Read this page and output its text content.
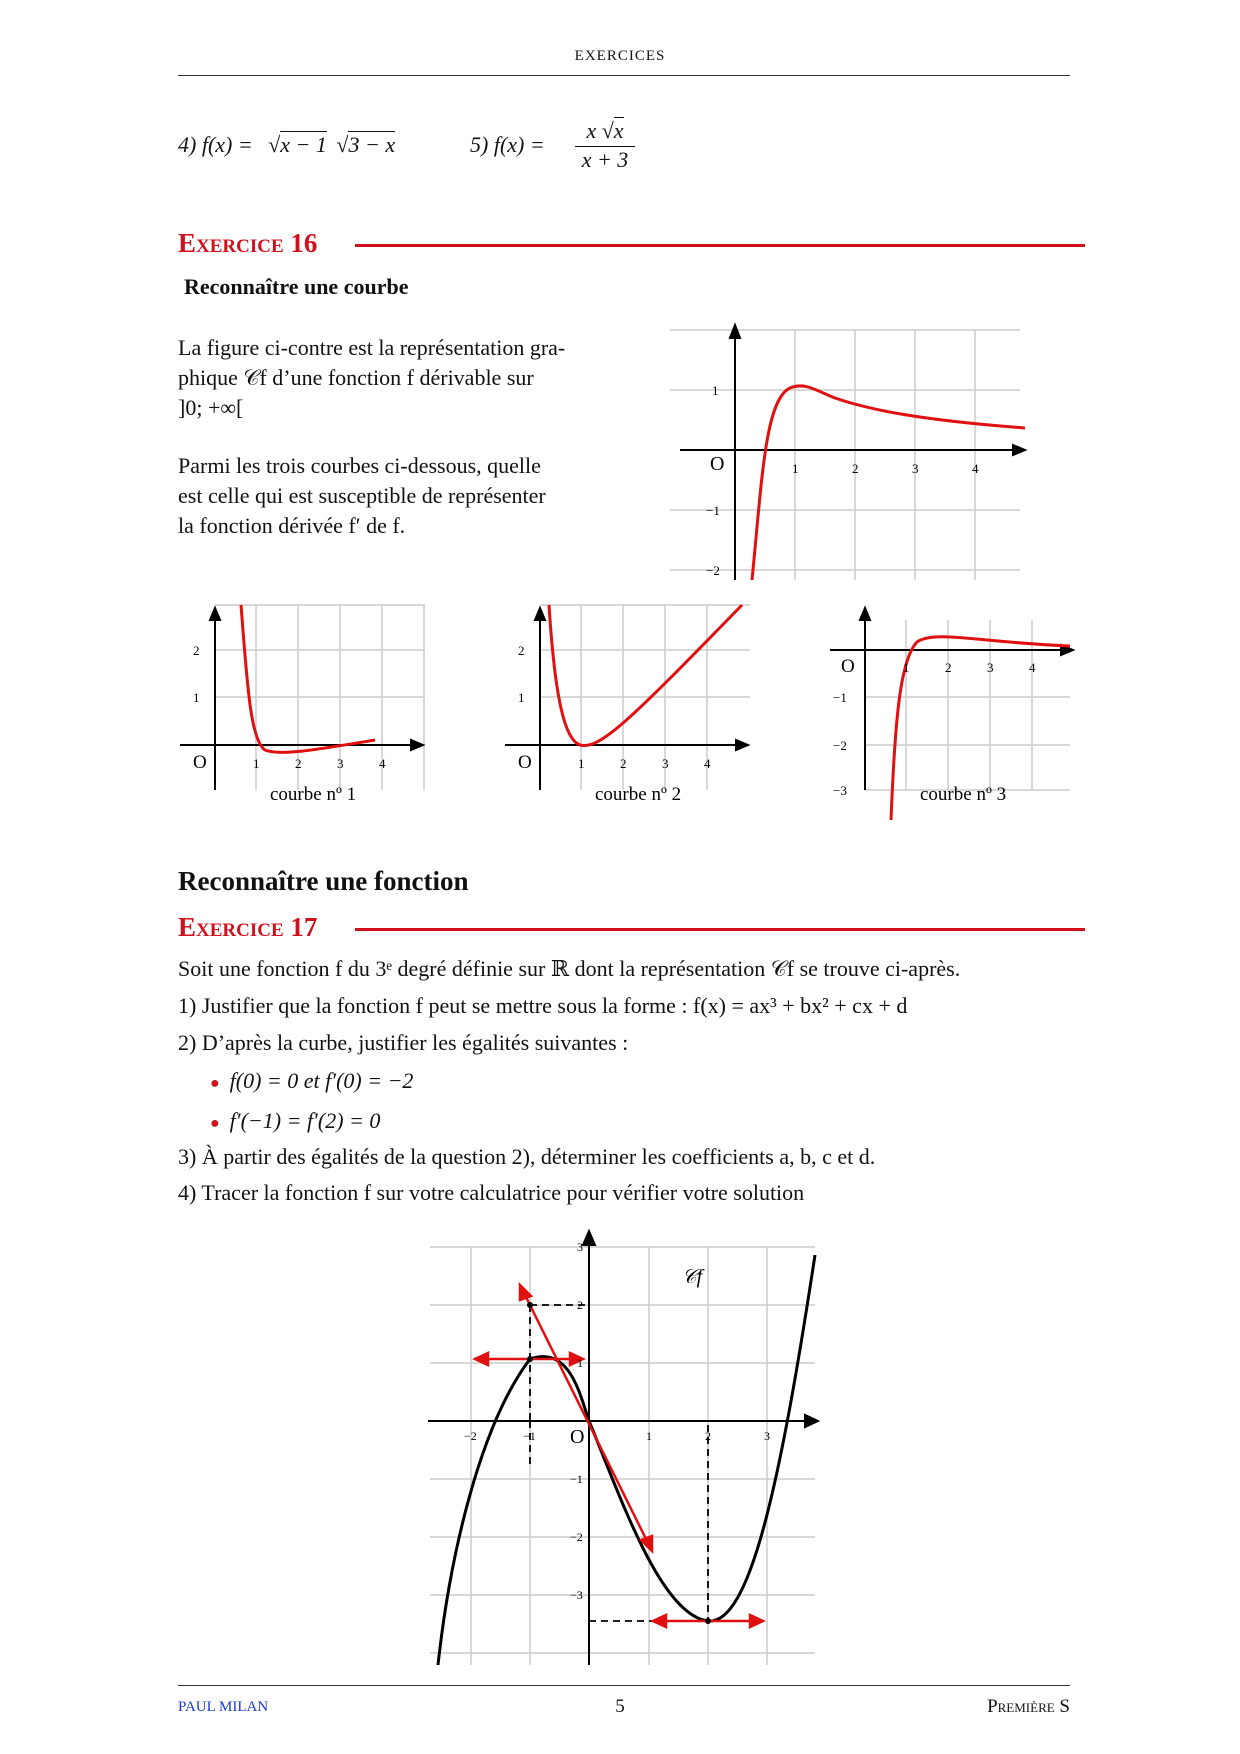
EXERCICES
4) f(x) = √x − 1 √3 − x	5) f(x) =
x √x
x + 3
Exercice 16
Reconnaître une courbe
La figure ci-contre est la représentation gra-
phique 𝒞f d’une fonction f dérivable sur
]0; +∞[
Parmi les trois courbes ci-dessous, quelle
est celle qui est susceptible de représenter
la fonction dérivée f′ de f.
O	1	2	3	4
1
−1
−2
O	1	2	3	4
2
1
courbe nº 1
O	1	2	3	4
2
1
courbe nº 2
O	1	2	3	4
−1
−2
−3	courbe nº 3
Reconnaître une fonction
Exercice 17
Soit une fonction f du 3ᵉ degré définie sur ℝ dont la représentation 𝒞f se trouve ci-après.
1) Justifier que la fonction f peut se mettre sous la forme : f(x) = ax³ + bx² + cx + d
2) D’après la curbe, justifier les égalités suivantes :
● f(0) = 0 et f′(0) = −2
● f′(−1) = f′(2) = 0
3) À partir des égalités de la question 2), déterminer les coefficients a, b, c et d.
4) Tracer la fonction f sur votre calculatrice pour vérifier votre solution
𝒞f
O
−2	−1	1	2	3
3
2
1
−1
−2
−3
PAUL MILAN	5	Première S
